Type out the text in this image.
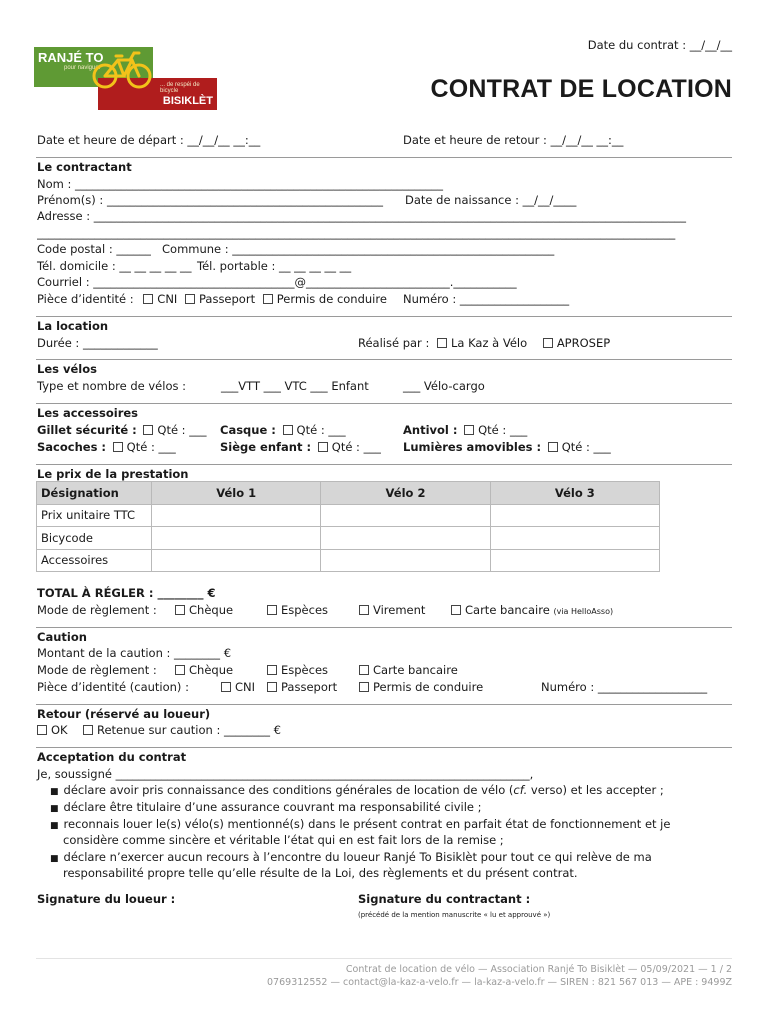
RANJÉ TO
pour naviguer
... de respéi de bicycle
BISIKLÈT
Date du contrat : __/__/__
CONTRAT DE LOCATION
Date et heure de départ : __/__/__ __:__	Date et heure de retour : __/__/__ __:__
Le contractant
Nom : ________________________________________________________________
Prénom(s) : ________________________________________________ Date de naissance : __/__/____
Adresse : _______________________________________________________________________________________________________
_______________________________________________________________________________________________________________
Code postal : ______ Commune : ________________________________________________________
Tél. domicile : __ __ __ __ __ Tél. portable : __ __ __ __ __
Courriel : ___________________________________@_________________________.___________
Pièce d’identité : CNI Passeport Permis de conduire Numéro : ___________________
La location
Durée : _____________	Réalisé par : La Kaz à Vélo	APROSEP
Les vélos
Type et nombre de vélos :	___VTT ___ VTC ___ Enfant	___ Vélo-cargo
Les accessoires
Gillet sécurité : Qté : ___ Casque : Qté : ___	Antivol : Qté : ___
Sacoches : Qté : ___	Siège enfant : Qté : ___ Lumières amovibles : Qté : ___
Le prix de la prestation
Désignation	Vélo 1	Vélo 2	Vélo 3
Prix unitaire TTC			
Bicycode			
Accessoires			
TOTAL À RÉGLER : ________ €
Mode de règlement :	Chèque	Espèces	Virement	Carte bancaire (via HelloAsso)
Caution
Montant de la caution : ________ €
Mode de règlement :	Chèque	Espèces	Carte bancaire
Pièce d’identité (caution) :	CNI	Passeport	Permis de conduire	Numéro : ___________________
Retour (réservé au loueur)
OK	Retenue sur caution : ________ €
Acceptation du contrat
Je, soussigné ________________________________________________________________________,
■ déclare avoir pris connaissance des conditions générales de location de vélo (cf. verso) et les accepter ;
■ déclare être titulaire d’une assurance couvrant ma responsabilité civile ;
■ reconnais louer le(s) vélo(s) mentionné(s) dans le présent contrat en parfait état de fonctionnement et je
considère comme sincère et véritable l’état qui en est fait lors de la remise ;
■ déclare n’exercer aucun recours à l’encontre du loueur Ranjé To Bisiklèt pour tout ce qui relève de ma
responsabilité propre telle qu’elle résulte de la Loi, des règlements et du présent contrat.
Signature du loueur :	Signature du contractant :
(précédé de la mention manuscrite « lu et approuvé »)
Contrat de location de vélo — Association Ranjé To Bisiklèt — 05/09/2021 — 1 / 2
0769312552 — contact@la-kaz-a-velo.fr — la-kaz-a-velo.fr — SIREN : 821 567 013 — APE : 9499Z
